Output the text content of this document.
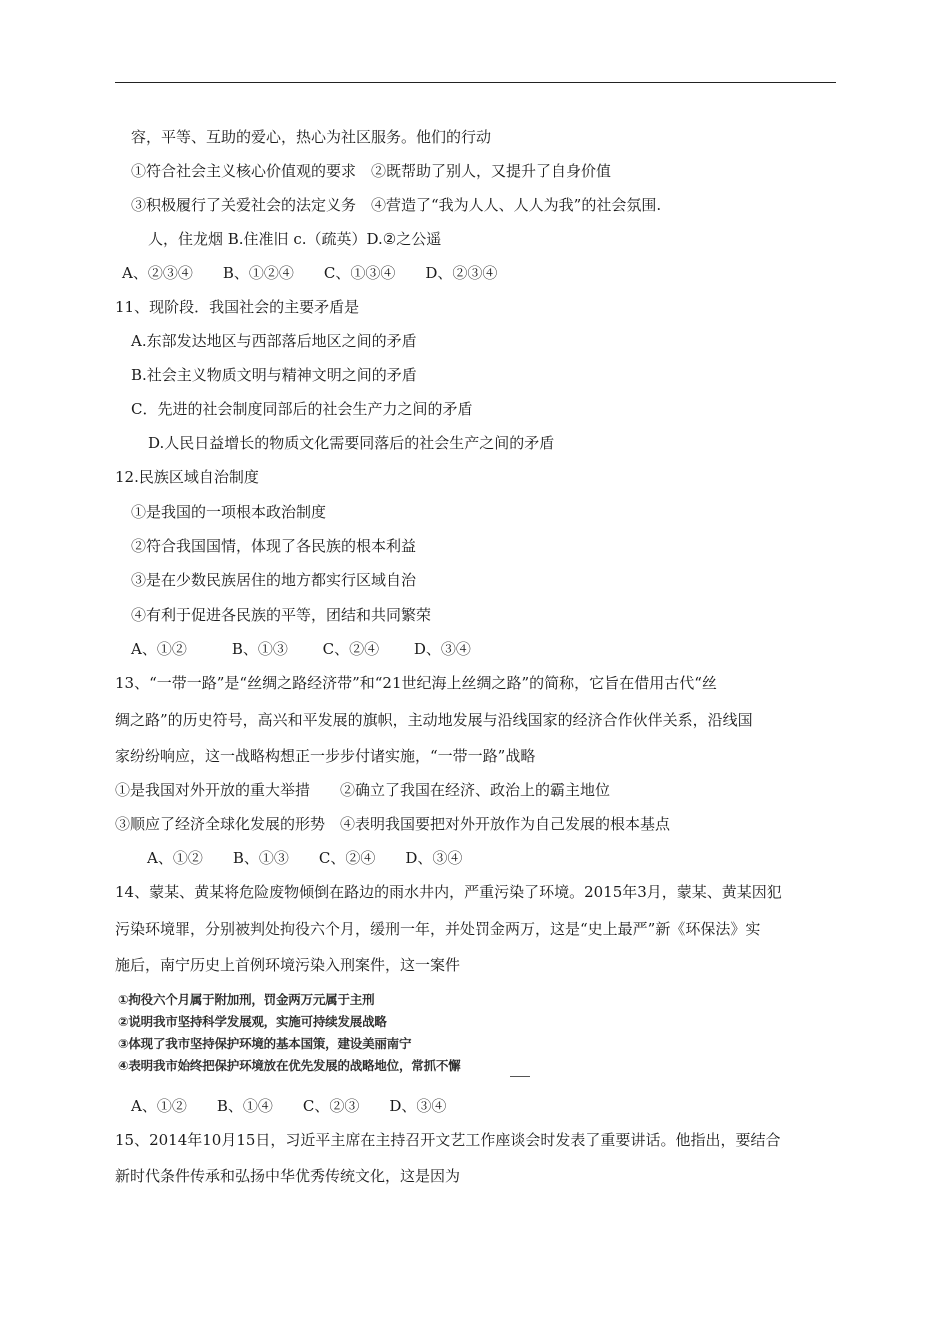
容，平等、互助的爱心，热心为社区服务。他们的行动
①符合社会主义核心价值观的要求　②既帮助了别人，又提升了自身价值
③积极履行了关爱社会的法定义务　④营造了“我为人人、人人为我”的社会氛围.
人，住龙烟 B.住准旧 c.（疏英）D.②之公遥
A、②③④　　B、①②④　　C、①③④　　D、②③④
11、现阶段．我国社会的主要矛盾是
A.东部发达地区与西部落后地区之间的矛盾
B.社会主义物质文明与精神文明之间的矛盾
C．先进的社会制度同部后的社会生产力之间的矛盾
D.人民日益增长的物质文化需要同落后的社会生产之间的矛盾
12.民族区域自治制度
①是我国的一项根本政治制度
②符合我国国情，体现了各民族的根本利益
③是在少数民族居住的地方都实行区域自治
④有利于促进各民族的平等，团结和共同繁荣
A、①②　　　B、①③　　 C、②④　　 D、③④
13、“一带一路”是“丝绸之路经济带”和“21世纪海上丝绸之路”的简称，它旨在借用古代“丝
绸之路”的历史符号，高兴和平发展的旗帜，主动地发展与沿线国家的经济合作伙伴关系，沿线国
家纷纷响应，这一战略构想正一步步付诸实施，“一带一路”战略
①是我国对外开放的重大举措　　②确立了我国在经济、政治上的霸主地位
③顺应了经济全球化发展的形势　④表明我国要把对外开放作为自己发展的根本基点
A、①②　　B、①③　　C、②④　　D、③④
14、蒙某、黄某将危险废物倾倒在路边的雨水井内，严重污染了环境。2015年3月，蒙某、黄某因犯
污染环境罪，分别被判处拘役六个月，缓刑一年，并处罚金两万，这是“史上最严”新《环保法》实
施后，南宁历史上首例环境污染入刑案件，这一案件
①拘役六个月属于附加刑，罚金两万元属于主刑
②说明我市坚持科学发展观，实施可持续发展战略
③体现了我市坚持保护环境的基本国策，建设美丽南宁
④表明我市始终把保护环境放在优先发展的战略地位，常抓不懈
A、①②　　B、①④　　C、②③　　D、③④
15、2014年10月15日，习近平主席在主持召开文艺工作座谈会时发表了重要讲话。他指出，要结合
新时代条件传承和弘扬中华优秀传统文化，这是因为
